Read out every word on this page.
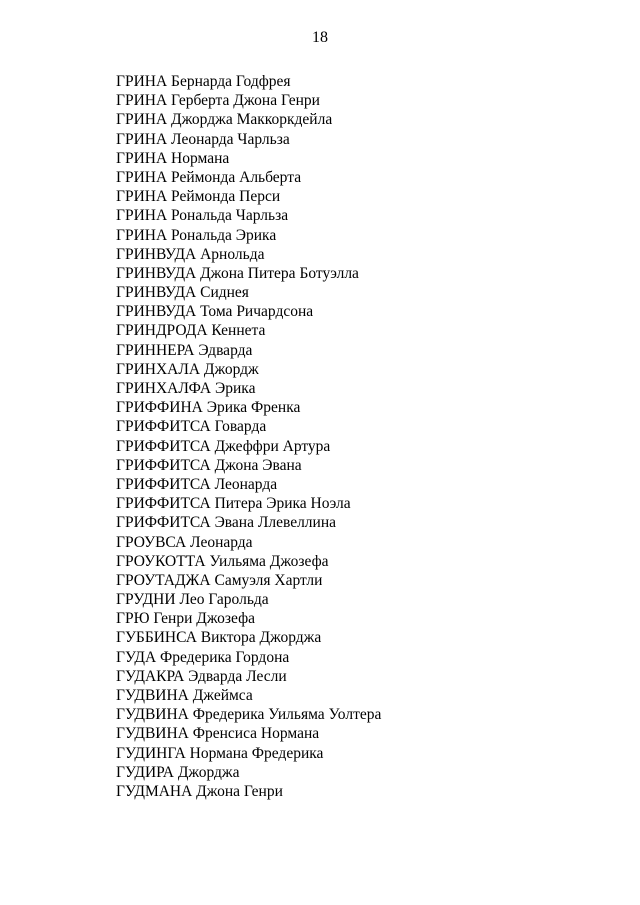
18
ГРИНА Бернарда Годфрея
ГРИНА Герберта Джона Генри
ГРИНА Джорджа Маккоркдейла
ГРИНА Леонарда Чарльза
ГРИНА Нормана
ГРИНА Реймонда Альберта
ГРИНА Реймонда Перси
ГРИНА Рональда Чарльза
ГРИНА Рональда Эрика
ГРИНВУДА Арнольда
ГРИНВУДА Джона Питера Ботуэлла
ГРИНВУДА Сиднея
ГРИНВУДА Тома Ричардсона
ГРИНДРОДА Кеннета
ГРИННЕРА Эдварда
ГРИНХАЛА Джордж
ГРИНХАЛФА Эрика
ГРИФФИНА Эрика Френка
ГРИФФИТСА Говарда
ГРИФФИТСА Джеффри Артура
ГРИФФИТСА Джона Эвана
ГРИФФИТСА Леонарда
ГРИФФИТСА Питера Эрика Ноэла
ГРИФФИТСА Эвана Ллевеллина
ГРОУВСА Леонарда
ГРОУКОТТА Уильяма Джозефа
ГРОУТАДЖА Самуэля Хартли
ГРУДНИ Лео Гарольда
ГРЮ Генри Джозефа
ГУББИНСА Виктора Джорджа
ГУДА Фредерика Гордона
ГУДАКРА Эдварда Лесли
ГУДВИНА Джеймса
ГУДВИНА Фредерика Уильяма Уолтера
ГУДВИНА Френсиса Нормана
ГУДИНГА Нормана Фредерика
ГУДИРА Джорджа
ГУДМАНА Джона Генри
